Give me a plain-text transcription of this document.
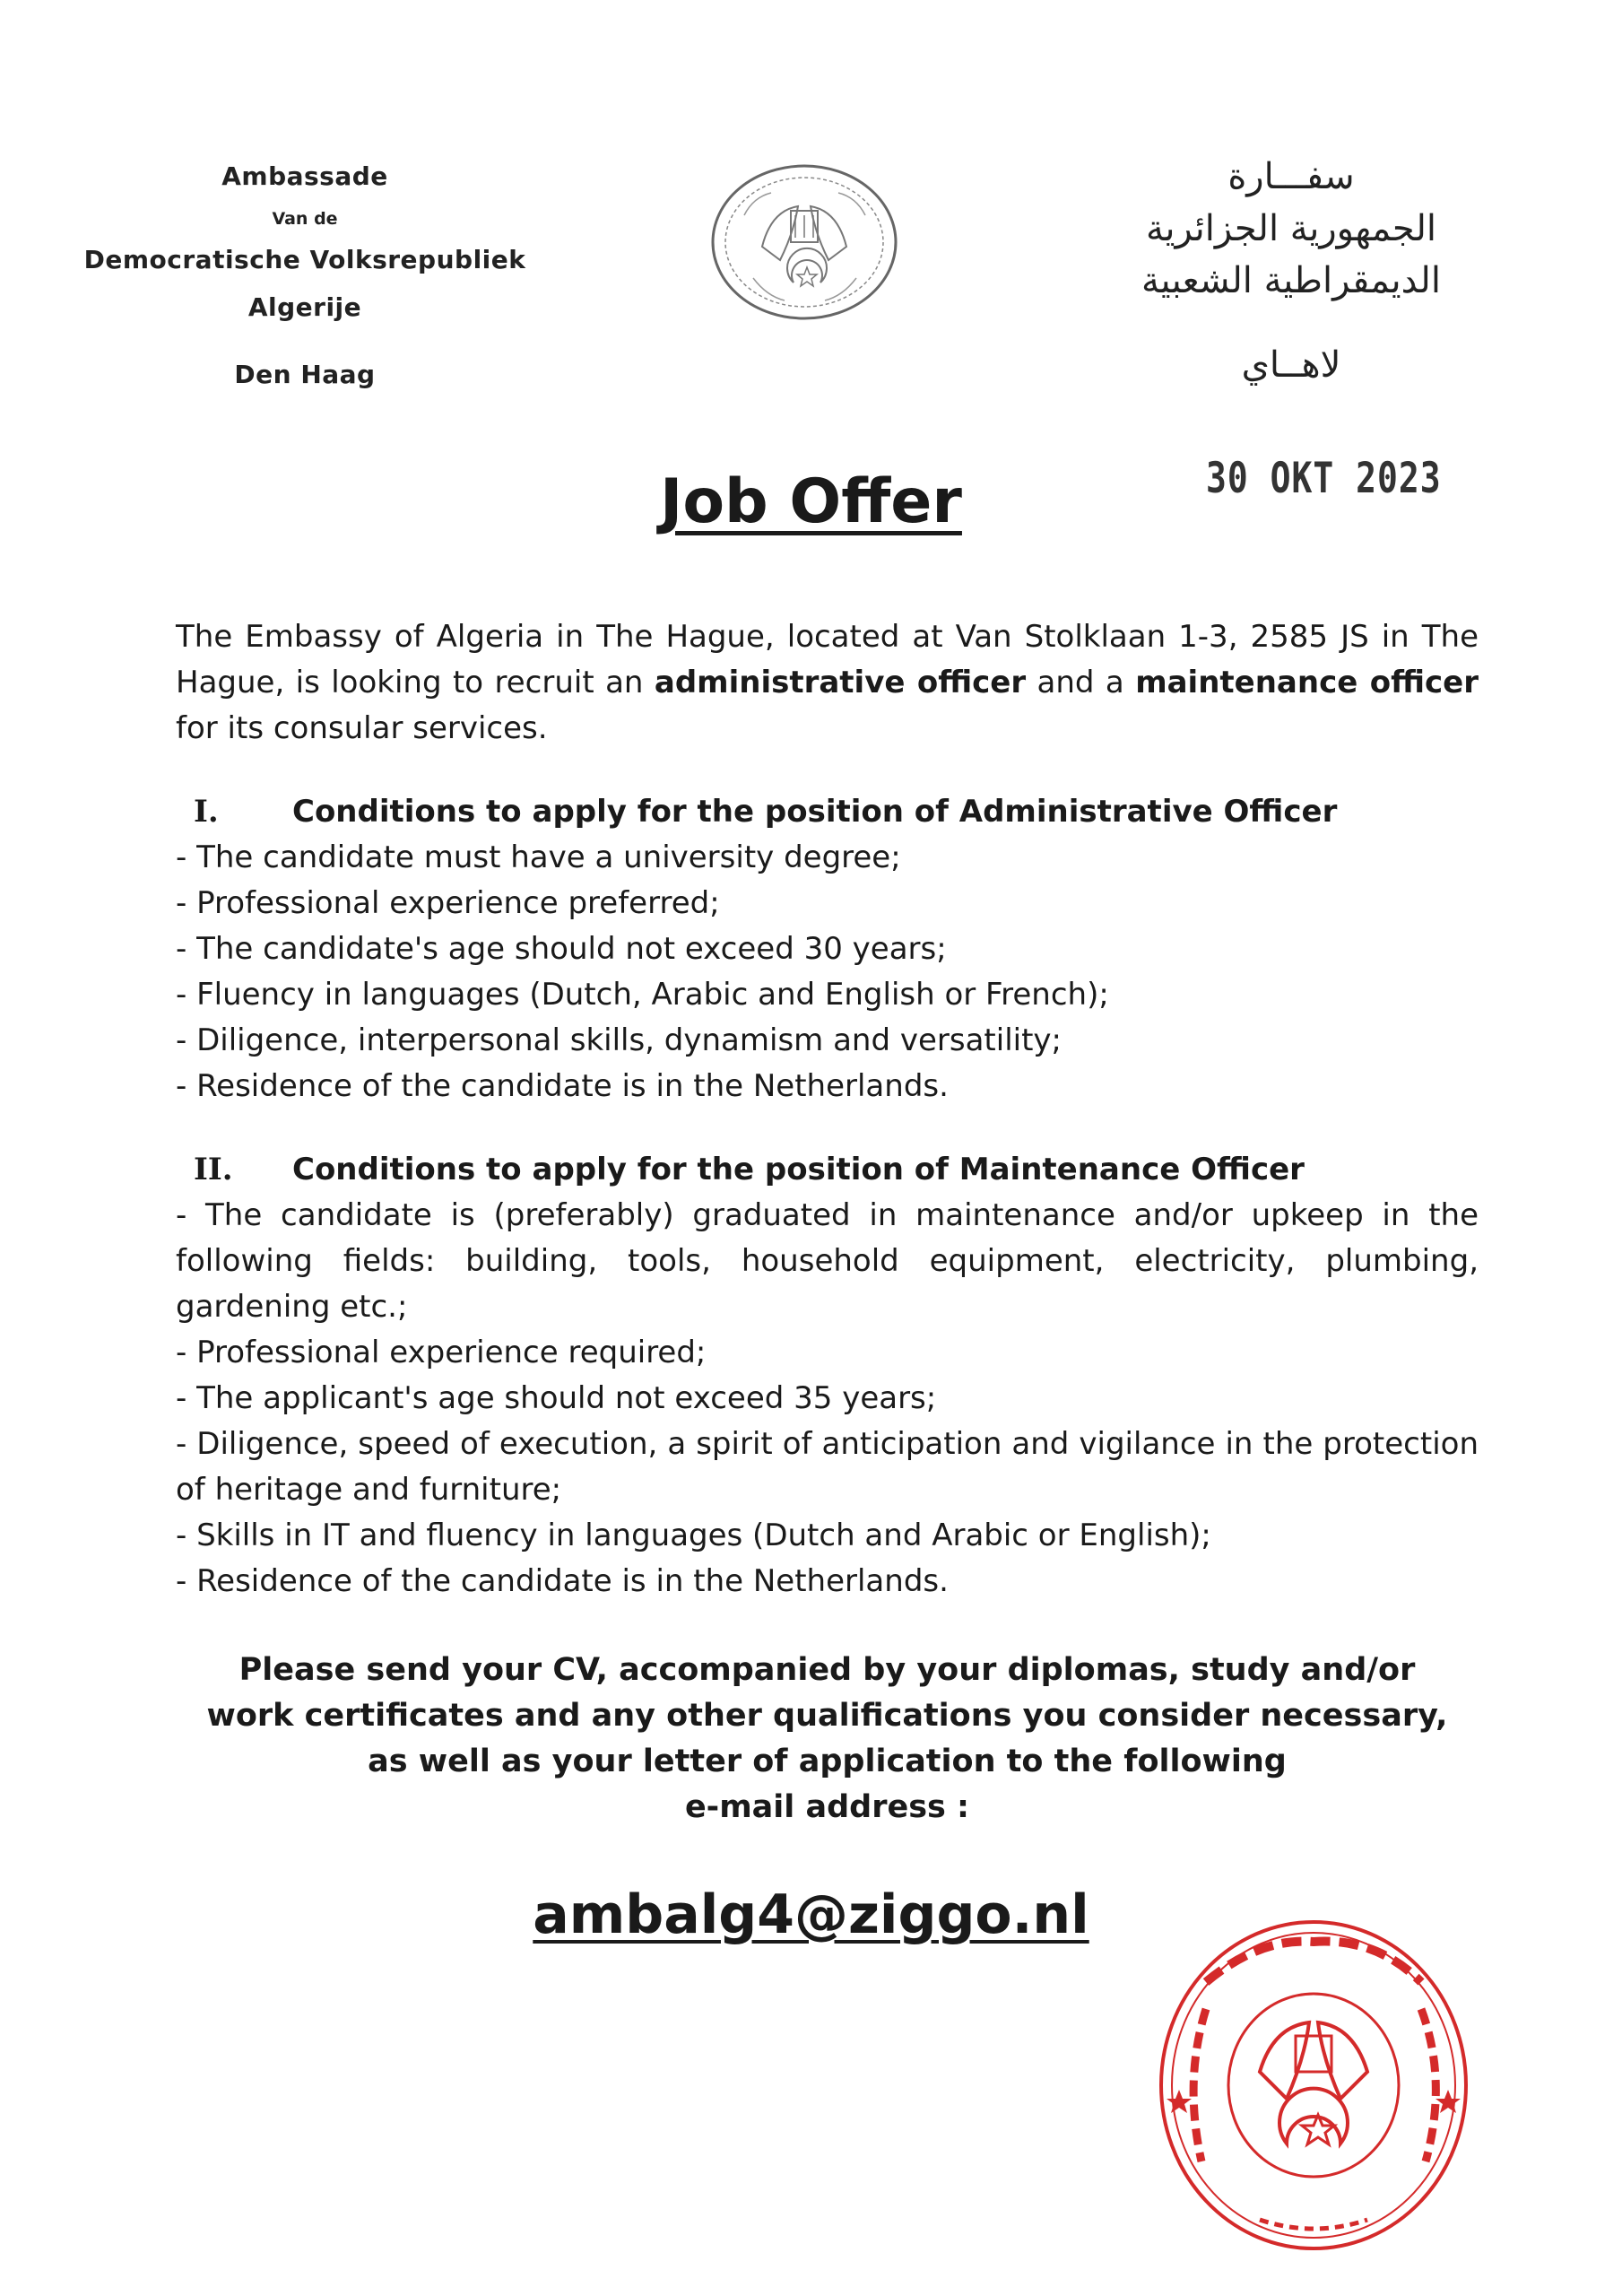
Ambassade
Van de
Democratische Volksrepubliek
Algerije
Den Haag
سفـــارة
الجمهورية الجزائرية
الديمقراطية الشعبية
لاهــاي
30 OKT 2023
Job Offer
The Embassy of Algeria in The Hague, located at Van Stolklaan 1-3, 2585 JS in The Hague, is looking to recruit an administrative officer and a maintenance officer for its consular services.
I.	Conditions to apply for the position of Administrative Officer
- The candidate must have a university degree;
- Professional experience preferred;
- The candidate's age should not exceed 30 years;
- Fluency in languages (Dutch, Arabic and English or French);
- Diligence, interpersonal skills, dynamism and versatility;
- Residence of the candidate is in the Netherlands.
II.	Conditions to apply for the position of Maintenance Officer
- The candidate is (preferably) graduated in maintenance and/or upkeep in the following fields: building, tools, household equipment, electricity, plumbing, gardening etc.;
- Professional experience required;
- The applicant's age should not exceed 35 years;
- Diligence, speed of execution, a spirit of anticipation and vigilance in the protection of heritage and furniture;
- Skills in IT and fluency in languages (Dutch and Arabic or English);
- Residence of the candidate is in the Netherlands.
Please send your CV, accompanied by your diplomas, study and/or
work certificates and any other qualifications you consider necessary,
as well as your letter of application to the following
e-mail address :
ambalg4@ziggo.nl
